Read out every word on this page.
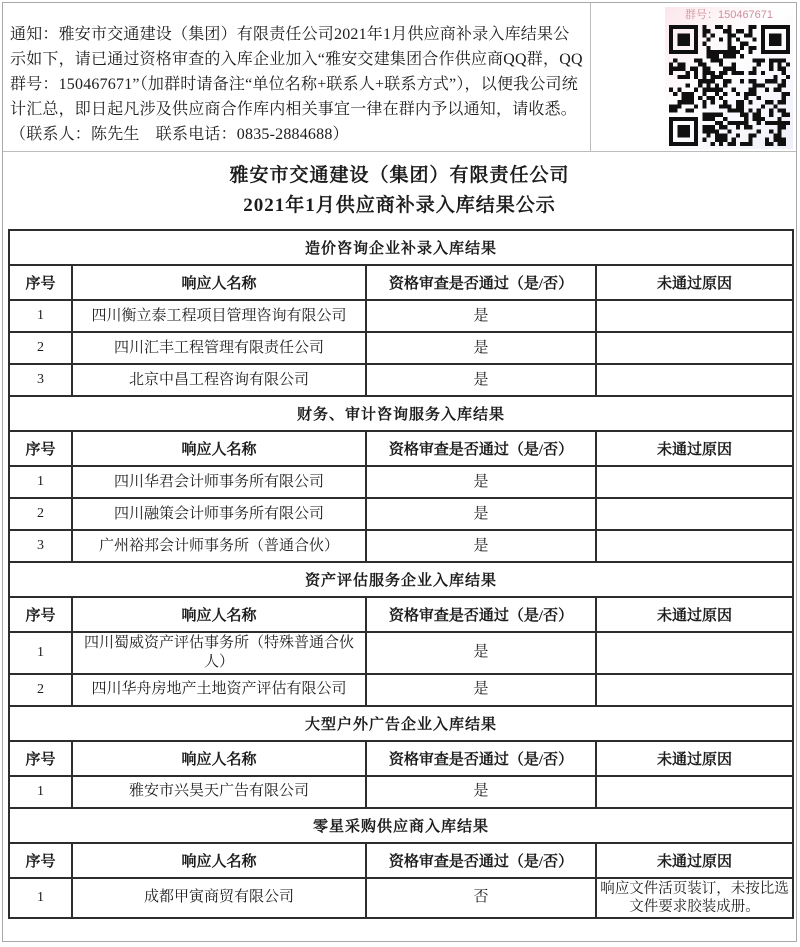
通知：雅安市交通建设（集团）有限责任公司2021年1月供应商补录入库结果公示如下，请已通过资格审查的入库企业加入“雅安交建集团合作供应商QQ群，QQ群号：150467671”（加群时请备注“单位名称+联系人+联系方式”），以便我公司统计汇总，即日起凡涉及供应商合作库内相关事宜一律在群内予以通知，请收悉。（联系人：陈先生　联系电话：0835-2884688）
群号：150467671
雅安市交通建设（集团）有限责任公司
2021年1月供应商补录入库结果公示
造价咨询企业补录入库结果			
序号	响应人名称	资格审查是否通过（是/否）	未通过原因
1	四川衡立泰工程项目管理咨询有限公司	是	
2	四川汇丰工程管理有限责任公司	是	
3	北京中昌工程咨询有限公司	是	
财务、审计咨询服务入库结果			
序号	响应人名称	资格审查是否通过（是/否）	未通过原因
1	四川华君会计师事务所有限公司	是	
2	四川融策会计师事务所有限公司	是	
3	广州裕邦会计师事务所（普通合伙）	是	
资产评估服务企业入库结果			
序号	响应人名称	资格审查是否通过（是/否）	未通过原因
1	四川蜀威资产评估事务所（特殊普通合伙人）	是	
2	四川华舟房地产土地资产评估有限公司	是	
大型户外广告企业入库结果			
序号	响应人名称	资格审查是否通过（是/否）	未通过原因
1	雅安市兴昊天广告有限公司	是	
零星采购供应商入库结果			
序号	响应人名称	资格审查是否通过（是/否）	未通过原因
1	成都甲寅商贸有限公司	否	响应文件活页装订，未按比选文件要求胶装成册。
